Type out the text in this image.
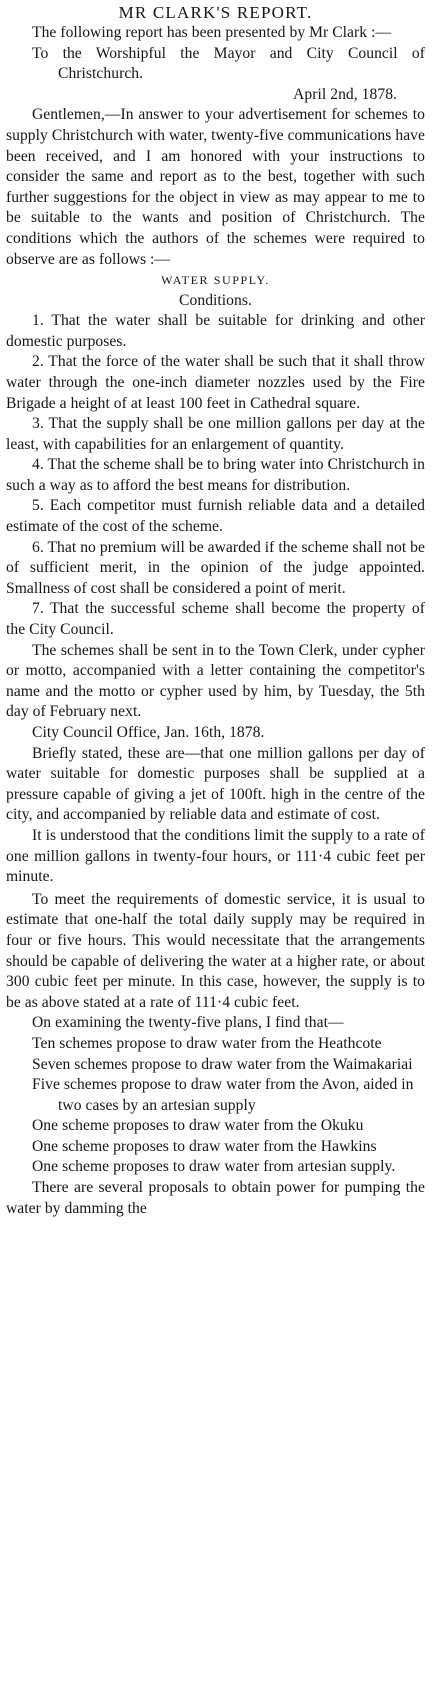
MR CLARK'S REPORT.

The following report has been presented by Mr Clark :—

To the Worshipful the Mayor and City Council of Christchurch.

April 2nd, 1878.

Gentlemen,—In answer to your advertisement for schemes to supply Christchurch with water, twenty-five communications have been received, and I am honored with your instructions to consider the same and report as to the best, together with such further suggestions for the object in view as may appear to me to be suitable to the wants and position of Christchurch. The conditions which the authors of the schemes were required to observe are as follows :—

WATER SUPPLY.

Conditions.

1. That the water shall be suitable for drinking and other domestic purposes.

2. That the force of the water shall be such that it shall throw water through the one-inch diameter nozzles used by the Fire Brigade a height of at least 100 feet in Cathedral square.

3. That the supply shall be one million gallons per day at the least, with capabilities for an enlargement of quantity.

4. That the scheme shall be to bring water into Christchurch in such a way as to afford the best means for distribution.

5. Each competitor must furnish reliable data and a detailed estimate of the cost of the scheme.

6. That no premium will be awarded if the scheme shall not be of sufficient merit, in the opinion of the judge appointed. Smallness of cost shall be considered a point of merit.

7. That the successful scheme shall become the property of the City Council.

The schemes shall be sent in to the Town Clerk, under cypher or motto, accompanied with a letter containing the competitor's name and the motto or cypher used by him, by Tuesday, the 5th day of February next.

City Council Office, Jan. 16th, 1878.

Briefly stated, these are—that one million gallons per day of water suitable for domestic purposes shall be supplied at a pressure capable of giving a jet of 100ft. high in the centre of the city, and accompanied by reliable data and estimate of cost.

It is understood that the conditions limit the supply to a rate of one million gallons in twenty-four hours, or 111·4 cubic feet per minute.

To meet the requirements of domestic service, it is usual to estimate that one-half the total daily supply may be required in four or five hours. This would necessitate that the arrangements should be capable of delivering the water at a higher rate, or about 300 cubic feet per minute. In this case, however, the supply is to be as above stated at a rate of 111·4 cubic feet.

On examining the twenty-five plans, I find that—

Ten schemes propose to draw water from the Heathcote

Seven schemes propose to draw water from the Waimakariai

Five schemes propose to draw water from the Avon, aided in two cases by an artesian supply

One scheme proposes to draw water from the Okuku

One scheme proposes to draw water from the Hawkins

One scheme proposes to draw water from artesian supply.

There are several proposals to obtain power for pumping the water by damming the
